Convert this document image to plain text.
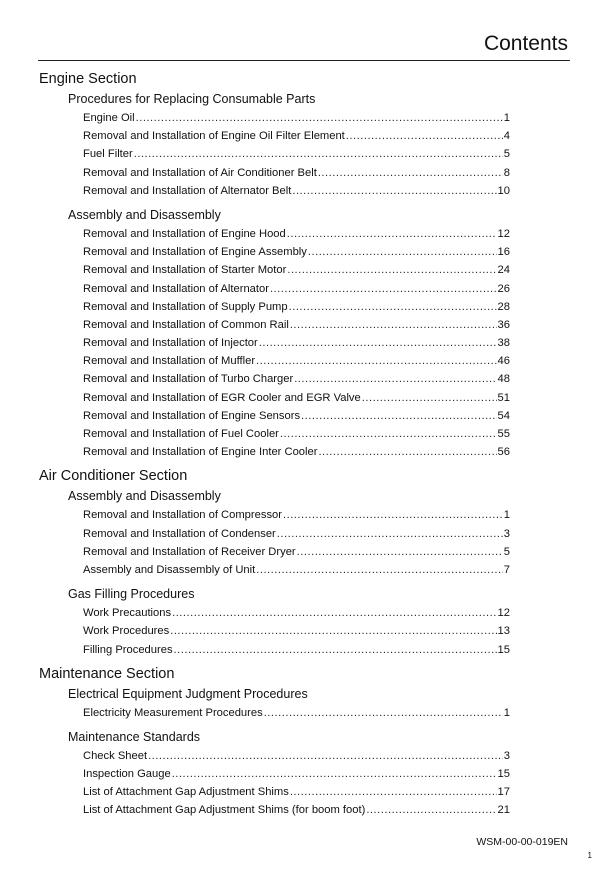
Contents
Engine Section
Procedures for Replacing Consumable Parts
Engine Oil .....	1
Removal and Installation of Engine Oil Filter Element .....	4
Fuel Filter .....	5
Removal and Installation of Air Conditioner Belt .....	8
Removal and Installation of Alternator Belt .....	10
Assembly and Disassembly
Removal and Installation of Engine Hood .....	12
Removal and Installation of Engine Assembly .....	16
Removal and Installation of Starter Motor .....	24
Removal and Installation of Alternator .....	26
Removal and Installation of Supply Pump .....	28
Removal and Installation of Common Rail .....	36
Removal and Installation of Injector .....	38
Removal and Installation of Muffler .....	46
Removal and Installation of Turbo Charger .....	48
Removal and Installation of EGR Cooler and EGR Valve .....	51
Removal and Installation of Engine Sensors .....	54
Removal and Installation of Fuel Cooler .....	55
Removal and Installation of Engine Inter Cooler .....	56
Air Conditioner Section
Assembly and Disassembly
Removal and Installation of Compressor .....	1
Removal and Installation of Condenser .....	3
Removal and Installation of Receiver Dryer .....	5
Assembly and Disassembly of Unit .....	7
Gas Filling Procedures
Work Precautions .....	12
Work Procedures .....	13
Filling Procedures .....	15
Maintenance Section
Electrical Equipment Judgment Procedures
Electricity Measurement Procedures .....	1
Maintenance Standards
Check Sheet .....	3
Inspection Gauge .....	15
List of Attachment Gap Adjustment Shims .....	17
List of Attachment Gap Adjustment Shims (for boom foot) .....	21
WSM-00-00-019EN
1
